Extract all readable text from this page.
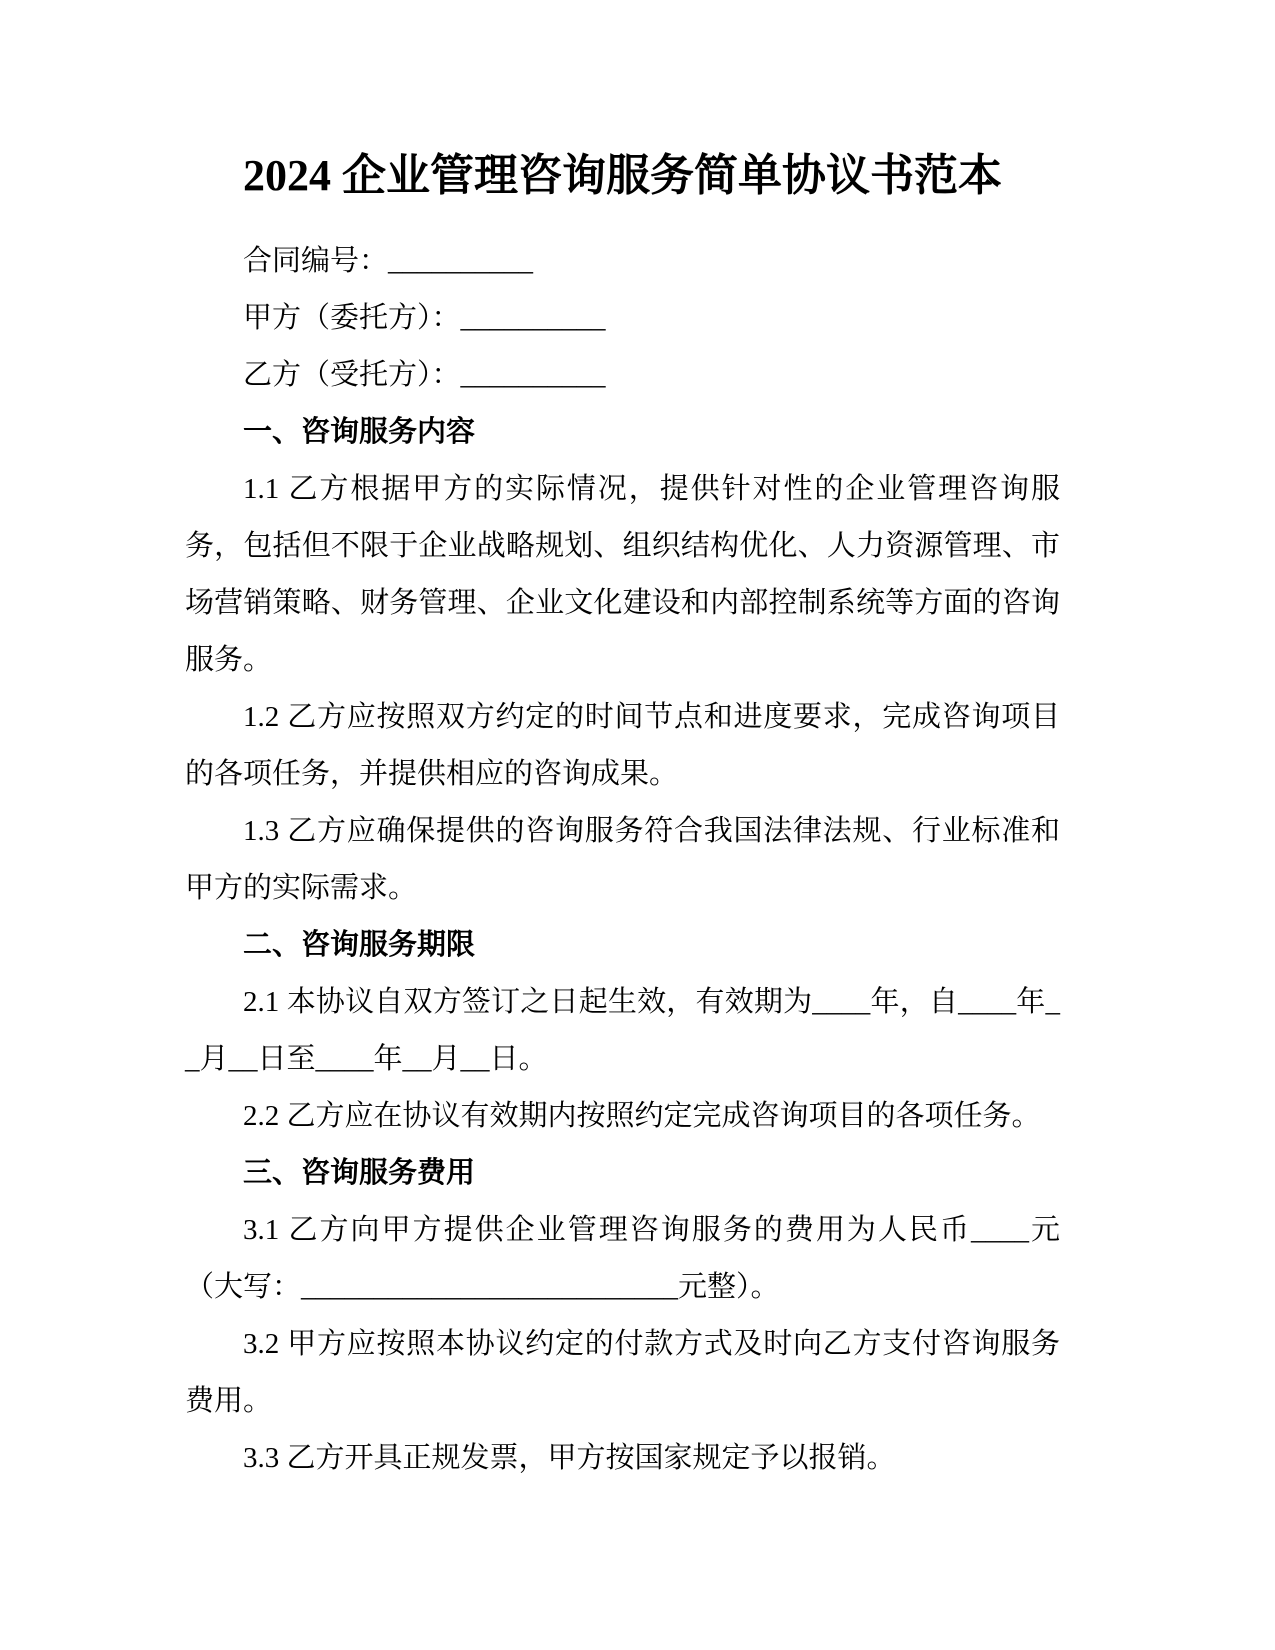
2024 企业管理咨询服务简单协议书范本

合同编号：__________

甲方（委托方）：__________

乙方（受托方）：__________

一、咨询服务内容

1.1 乙方根据甲方的实际情况，提供针对性的企业管理咨询服务，包括但不限于企业战略规划、组织结构优化、人力资源管理、市场营销策略、财务管理、企业文化建设和内部控制系统等方面的咨询服务。

1.2 乙方应按照双方约定的时间节点和进度要求，完成咨询项目的各项任务，并提供相应的咨询成果。

1.3 乙方应确保提供的咨询服务符合我国法律法规、行业标准和甲方的实际需求。

二、咨询服务期限

2.1 本协议自双方签订之日起生效，有效期为____年，自____年__月__日至____年__月__日。

2.2 乙方应在协议有效期内按照约定完成咨询项目的各项任务。

三、咨询服务费用

3.1 乙方向甲方提供企业管理咨询服务的费用为人民币____元（大写：__________________________元整）。

3.2 甲方应按照本协议约定的付款方式及时向乙方支付咨询服务费用。

3.3 乙方开具正规发票，甲方按国家规定予以报销。
